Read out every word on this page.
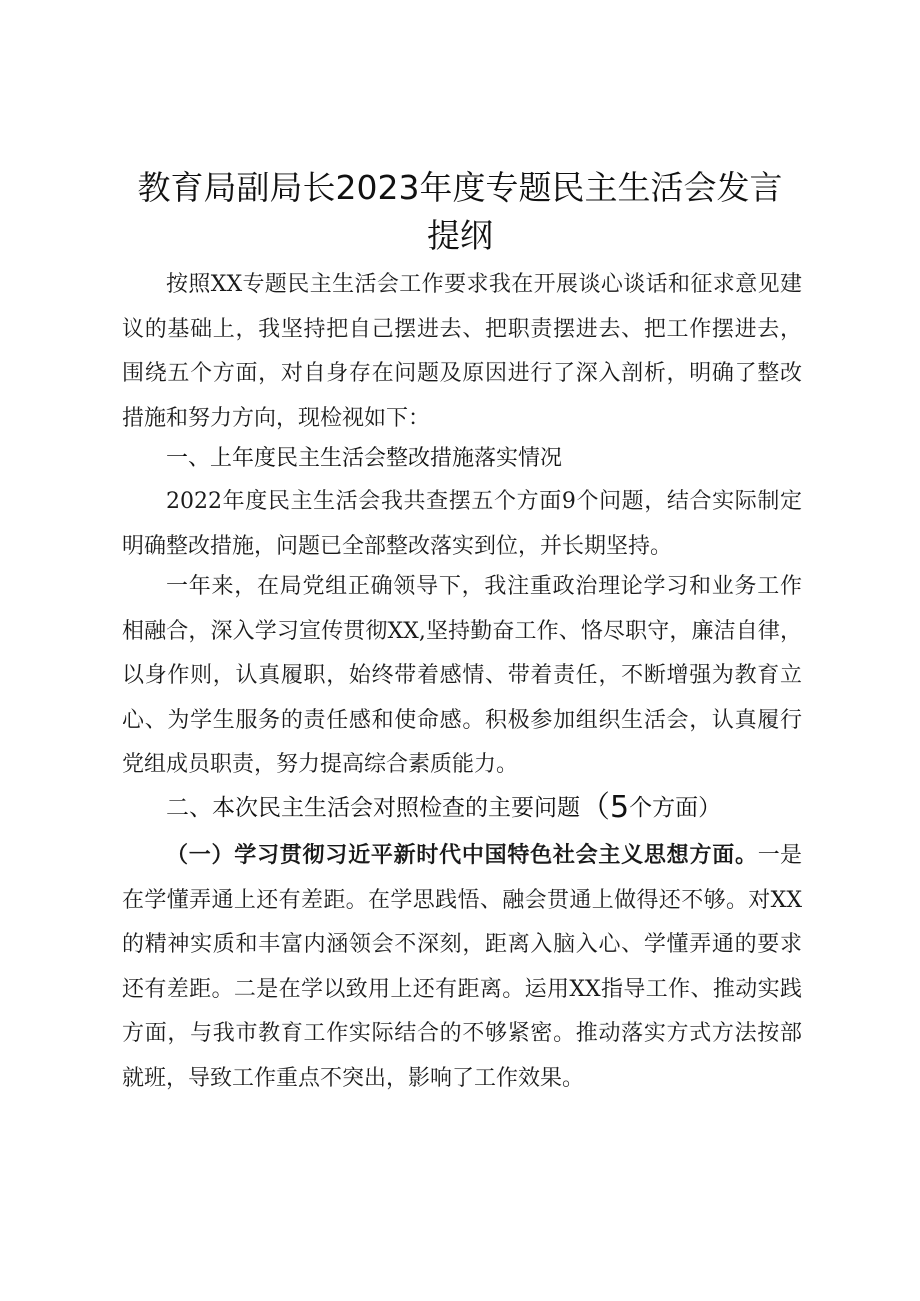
教育局副局长2023年度专题民主生活会发言
提纲

按照XX专题民主生活会工作要求我在开展谈心谈话和征求意见建议的基础上，我坚持把自己摆进去、把职责摆进去、把工作摆进去，围绕五个方面，对自身存在问题及原因进行了深入剖析，明确了整改措施和努力方向，现检视如下：

一、上年度民主生活会整改措施落实情况

2022年度民主生活会我共查摆五个方面9个问题，结合实际制定明确整改措施，问题已全部整改落实到位，并长期坚持。

一年来，在局党组正确领导下，我注重政治理论学习和业务工作相融合，深入学习宣传贯彻XX,坚持勤奋工作、恪尽职守，廉洁自律，以身作则，认真履职，始终带着感情、带着责任，不断增强为教育立心、为学生服务的责任感和使命感。积极参加组织生活会，认真履行党组成员职责，努力提高综合素质能力。

二、本次民主生活会对照检查的主要问题（5个方面）

（一）学习贯彻习近平新时代中国特色社会主义思想方面。一是在学懂弄通上还有差距。在学思践悟、融会贯通上做得还不够。对XX的精神实质和丰富内涵领会不深刻，距离入脑入心、学懂弄通的要求还有差距。二是在学以致用上还有距离。运用XX指导工作、推动实践方面，与我市教育工作实际结合的不够紧密。推动落实方式方法按部就班，导致工作重点不突出，影响了工作效果。
